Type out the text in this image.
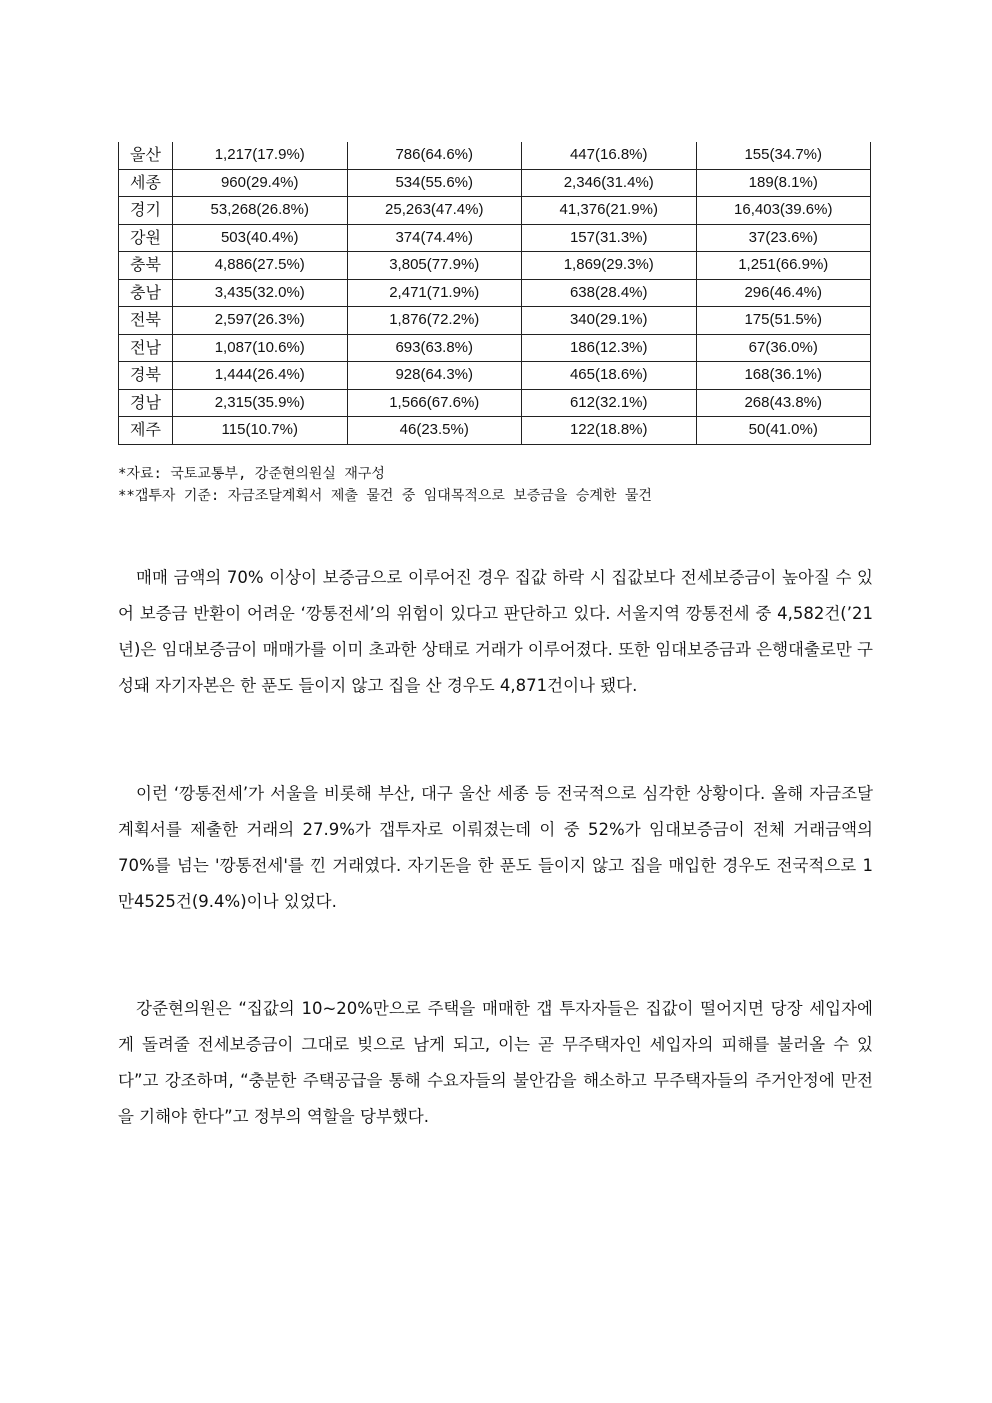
울산	1,217(17.9%)	786(64.6%)	447(16.8%)	155(34.7%)
세종	960(29.4%)	534(55.6%)	2,346(31.4%)	189(8.1%)
경기	53,268(26.8%)	25,263(47.4%)	41,376(21.9%)	16,403(39.6%)
강원	503(40.4%)	374(74.4%)	157(31.3%)	37(23.6%)
충북	4,886(27.5%)	3,805(77.9%)	1,869(29.3%)	1,251(66.9%)
충남	3,435(32.0%)	2,471(71.9%)	638(28.4%)	296(46.4%)
전북	2,597(26.3%)	1,876(72.2%)	340(29.1%)	175(51.5%)
전남	1,087(10.6%)	693(63.8%)	186(12.3%)	67(36.0%)
경북	1,444(26.4%)	928(64.3%)	465(18.6%)	168(36.1%)
경남	2,315(35.9%)	1,566(67.6%)	612(32.1%)	268(43.8%)
제주	115(10.7%)	46(23.5%)	122(18.8%)	50(41.0%)
*자료: 국토교통부, 강준현의원실 재구성
**갭투자 기준: 자금조달계획서 제출 물건 중 임대목적으로 보증금을 승계한 물건

매매 금액의 70% 이상이 보증금으로 이루어진 경우 집값 하락 시 집값보다 전세보증금이 높아질 수 있어 보증금 반환이 어려운 ‘깡통전세’의 위험이 있다고 판단하고 있다. 서울지역 깡통전세 중 4,582건(’21년)은 임대보증금이 매매가를 이미 초과한 상태로 거래가 이루어졌다. 또한 임대보증금과 은행대출로만 구성돼 자기자본은 한 푼도 들이지 않고 집을 산 경우도 4,871건이나 됐다.

이런 ‘깡통전세’가 서울을 비롯해 부산, 대구 울산 세종 등 전국적으로 심각한 상황이다. 올해 자금조달계획서를 제출한 거래의 27.9%가 갭투자로 이뤄졌는데 이 중 52%가 임대보증금이 전체 거래금액의 70%를 넘는 '깡통전세'를 낀 거래였다. 자기돈을 한 푼도 들이지 않고 집을 매입한 경우도 전국적으로 1만4525건(9.4%)이나 있었다.

강준현의원은 “집값의 10~20%만으로 주택을 매매한 갭 투자자들은 집값이 떨어지면 당장 세입자에게 돌려줄 전세보증금이 그대로 빚으로 남게 되고, 이는 곧 무주택자인 세입자의 피해를 불러올 수 있다”고 강조하며, “충분한 주택공급을 통해 수요자들의 불안감을 해소하고 무주택자들의 주거안정에 만전을 기해야 한다”고 정부의 역할을 당부했다.
